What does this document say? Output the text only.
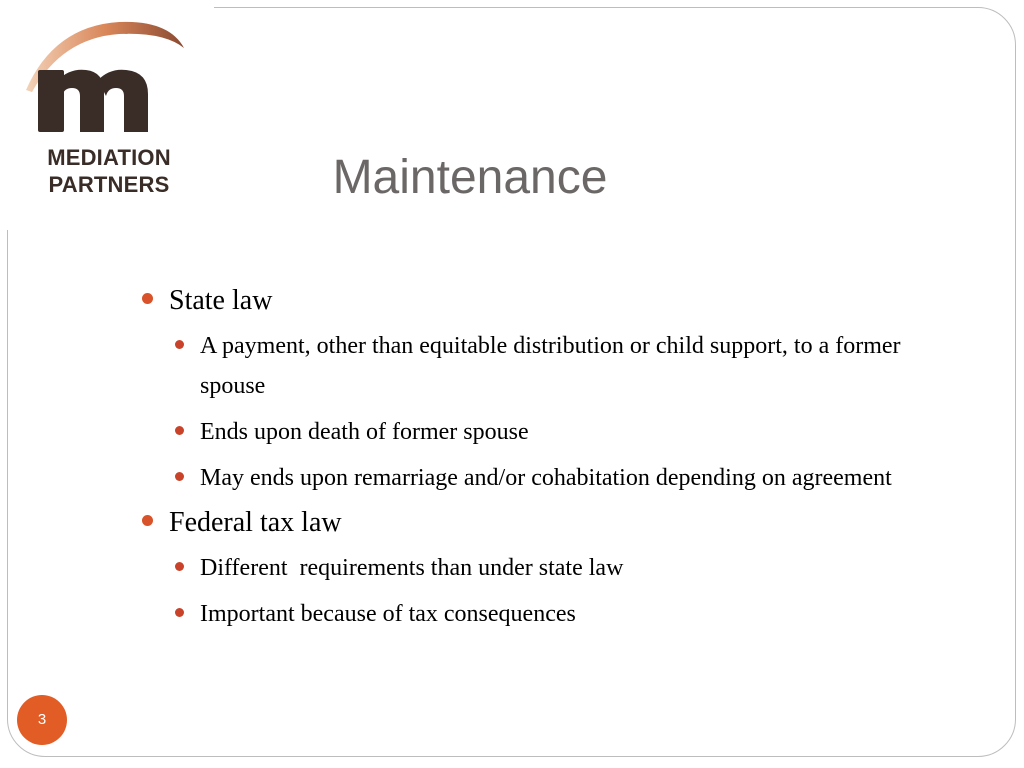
MEDIATION
PARTNERS	Maintenance
State law
A payment, other than equitable distribution or child support, to a former spouse
Ends upon death of former spouse
May ends upon remarriage and/or cohabitation depending on agreement
Federal tax law
Different  requirements than under state law
Important because of tax consequences
3
